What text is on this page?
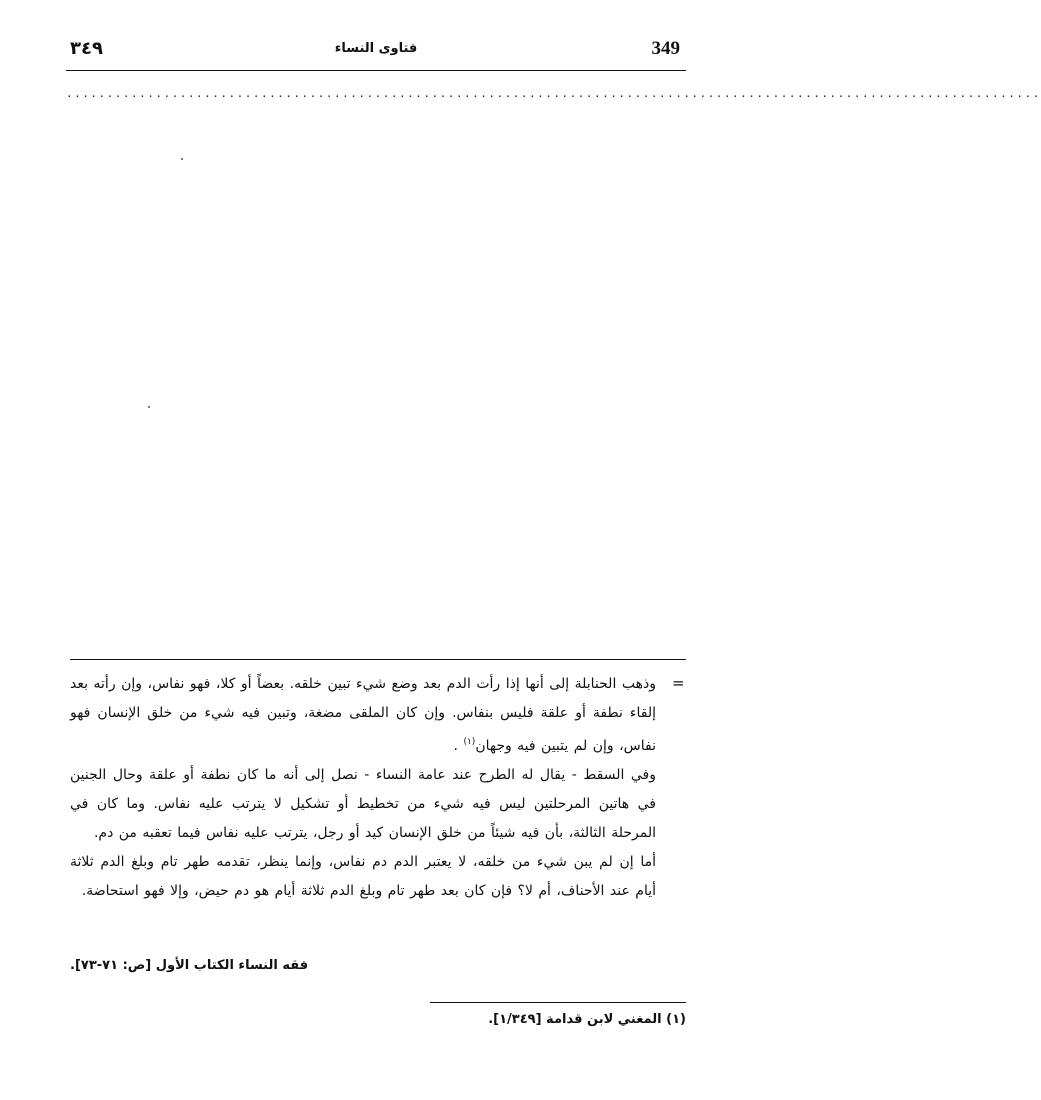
349
فتاوى النساء
٣٤٩
........................................................................................................................
=

وذهب الحنابلة إلى أنها إذا رأت الدم بعد وضع شيء تبين خلقه. بعضاً أو كلا، فهو نفاس، وإن رأته بعد إلقاء نطفة أو علقة فليس بنفاس. وإن كان الملقى مضغة، وتبين فيه شيء من خلق الإنسان فهو نفاس، وإن لم يتبين فيه وجهان$^{(١)}$ .

وفي السقط - يقال له الطرح عند عامة النساء - نصل إلى أنه ما كان نطفة أو علقة وحال الجنين في هاتين المرحلتين ليس فيه شيء من تخطيط أو تشكيل لا يترتب عليه نفاس. وما كان في المرحلة الثالثة، بأن فيه شيئاً من خلق الإنسان كيد أو رجل، يترتب عليه نفاس فيما تعقبه من دم.

أما إن لم يبن شيء من خلقه، لا يعتبر الدم دم نفاس، وإنما ينظر، تقدمه طهر تام وبلغ الدم ثلاثة أيام عند الأحناف، أم لا؟ فإن كان بعد طهر تام وبلغ الدم ثلاثة أيام هو دم حيض، وإلا فهو استحاضة.

فقه النساء الكتاب الأول [ص: ٧١-٧٣].
(١) المغني لابن قدامة [١/٣٤٩].
